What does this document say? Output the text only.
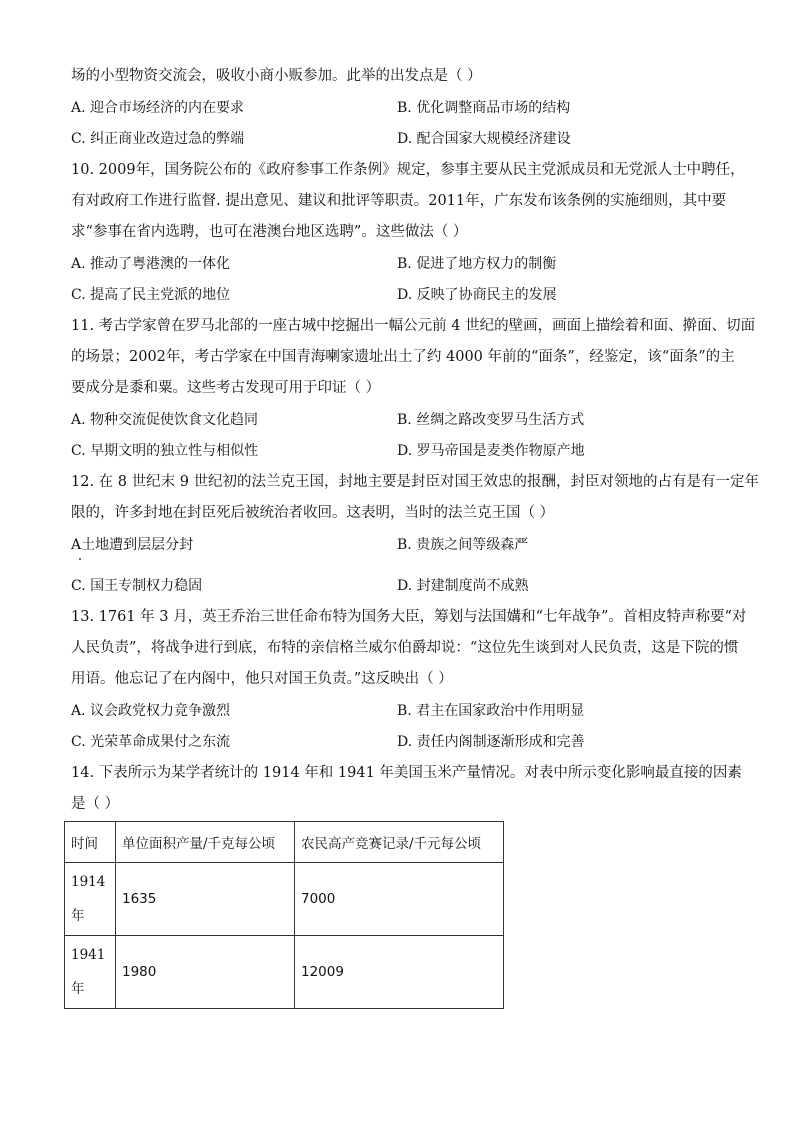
场的小型物资交流会，吸收小商小贩参加。此举的出发点是（ ）
A. 迎合市场经济的内在要求	B. 优化调整商品市场的结构
C. 纠正商业改造过急的弊端	D. 配合国家大规模经济建设
10. 2009年，国务院公布的《政府参事工作条例》规定，参事主要从民主党派成员和无党派人士中聘任，
有对政府工作进行监督. 提出意见、建议和批评等职责。2011年，广东发布该条例的实施细则，其中要
求“参事在省内选聘，也可在港澳台地区选聘”。这些做法（ ）
A. 推动了粤港澳的一体化	B. 促进了地方权力的制衡
C. 提高了民主党派的地位	D. 反映了协商民主的发展
11. 考古学家曾在罗马北部的一座古城中挖掘出一幅公元前 4 世纪的壁画，画面上描绘着和面、擀面、切面
的场景；2002年，考古学家在中国青海喇家遗址出土了约 4000 年前的“面条”，经鉴定，该“面条”的主
要成分是黍和粟。这些考古发现可用于印证（ ）
A. 物种交流促使饮食文化趋同	B. 丝绸之路改变罗马生活方式
C. 早期文明的独立性与相似性	D. 罗马帝国是麦类作物原产地
12. 在 8 世纪末 9 世纪初的法兰克王国，封地主要是封臣对国王效忠的报酬，封臣对领地的占有是有一定年
限的，许多封地在封臣死后被统治者收回。这表明，当时的法兰克王国（ ）
A土地遭到层层分封	B. 贵族之间等级森严
C. 国王专制权力稳固	D. 封建制度尚不成熟
13. 1761 年 3 月，英王乔治三世任命布特为国务大臣，筹划与法国媾和“七年战争”。首相皮特声称要“对
人民负责”，将战争进行到底，布特的亲信格兰威尔伯爵却说：“这位先生谈到对人民负责，这是下院的惯
用语。他忘记了在内阁中，他只对国王负责。”这反映出（ ）
A. 议会政党权力竞争激烈	B. 君主在国家政治中作用明显
C. 光荣革命成果付之东流	D. 责任内阁制逐渐形成和完善
14. 下表所示为某学者统计的 1914 年和 1941 年美国玉米产量情况。对表中所示变化影响最直接的因素
是（ ）
时间	单位面积产量/千克每公顷	农民高产竞赛记录/千元每公顷
1914
年	1635	7000
1941
年	1980	12009
